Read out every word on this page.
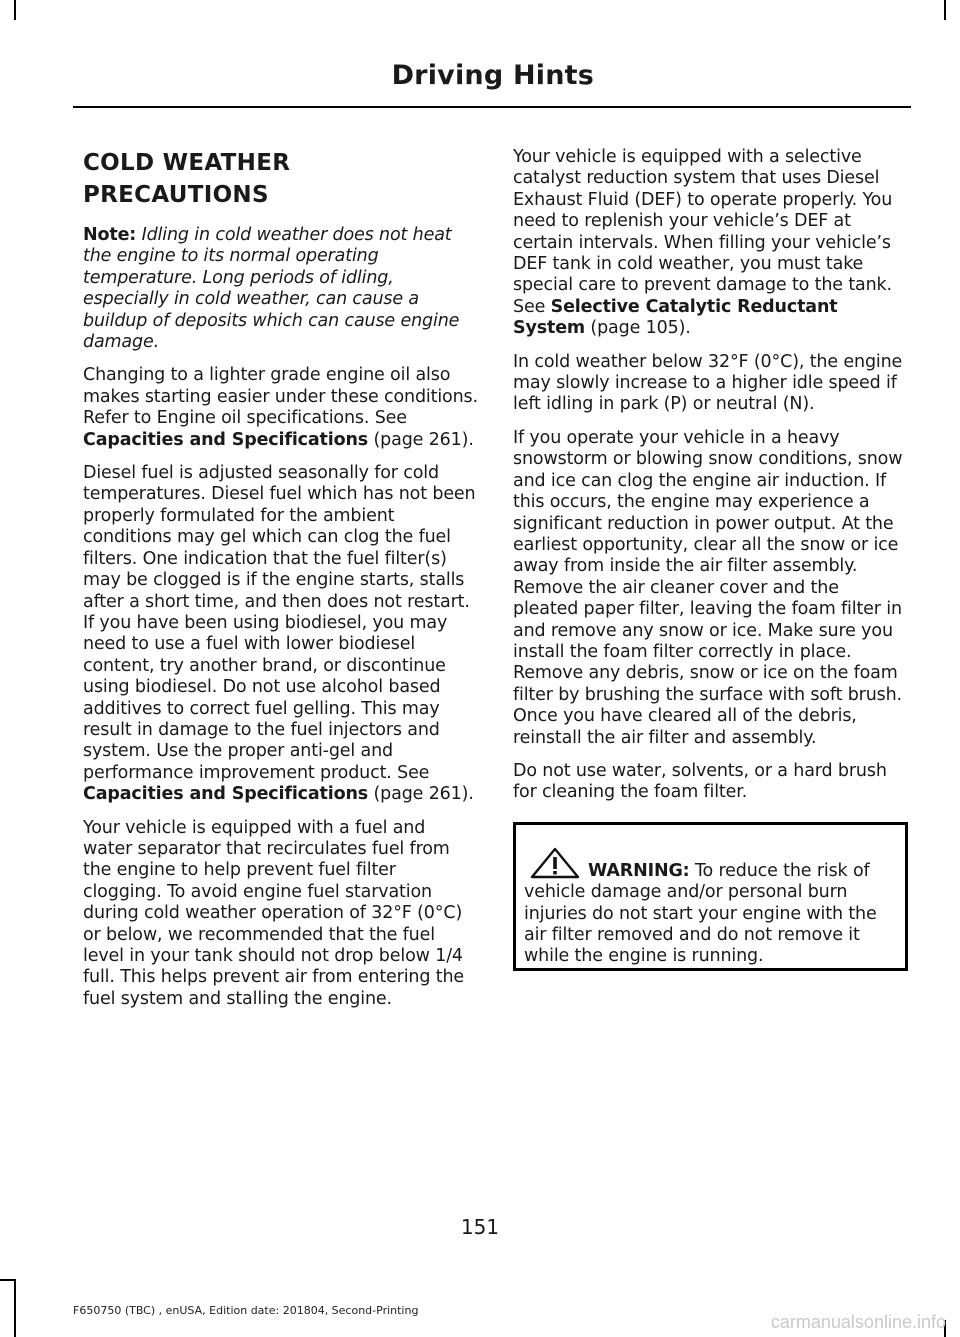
Driving Hints
COLD WEATHER PRECAUTIONS

Note: Idling in cold weather does not heat the engine to its normal operating temperature. Long periods of idling, especially in cold weather, can cause a buildup of deposits which can cause engine damage.

Changing to a lighter grade engine oil also makes starting easier under these conditions. Refer to Engine oil specifications. See Capacities and Specifications (page 261).

Diesel fuel is adjusted seasonally for cold temperatures. Diesel fuel which has not been properly formulated for the ambient conditions may gel which can clog the fuel filters. One indication that the fuel filter(s) may be clogged is if the engine starts, stalls after a short time, and then does not restart. If you have been using biodiesel, you may need to use a fuel with lower biodiesel content, try another brand, or discontinue using biodiesel. Do not use alcohol based additives to correct fuel gelling. This may result in damage to the fuel injectors and system. Use the proper anti-gel and performance improvement product. See Capacities and Specifications (page 261).

Your vehicle is equipped with a fuel and water separator that recirculates fuel from the engine to help prevent fuel filter clogging. To avoid engine fuel starvation during cold weather operation of 32°F (0°C) or below, we recommended that the fuel level in your tank should not drop below 1/4 full. This helps prevent air from entering the fuel system and stalling the engine.

Your vehicle is equipped with a selective catalyst reduction system that uses Diesel Exhaust Fluid (DEF) to operate properly. You need to replenish your vehicle’s DEF at certain intervals. When filling your vehicle’s DEF tank in cold weather, you must take special care to prevent damage to the tank. See Selective Catalytic Reductant System (page 105).

In cold weather below 32°F (0°C), the engine may slowly increase to a higher idle speed if left idling in park (P) or neutral (N).

If you operate your vehicle in a heavy snowstorm or blowing snow conditions, snow and ice can clog the engine air induction. If this occurs, the engine may experience a significant reduction in power output. At the earliest opportunity, clear all the snow or ice away from inside the air filter assembly. Remove the air cleaner cover and the pleated paper filter, leaving the foam filter in and remove any snow or ice. Make sure you install the foam filter correctly in place. Remove any debris, snow or ice on the foam filter by brushing the surface with soft brush. Once you have cleared all of the debris, reinstall the air filter and assembly.

Do not use water, solvents, or a hard brush for cleaning the foam filter.

WARNING: To reduce the risk of vehicle damage and/or personal burn injuries do not start your engine with the air filter removed and do not remove it while the engine is running.

151
F650750 (TBC) , enUSA, Edition date: 201804, Second-Printing
carmanualsonline.info
